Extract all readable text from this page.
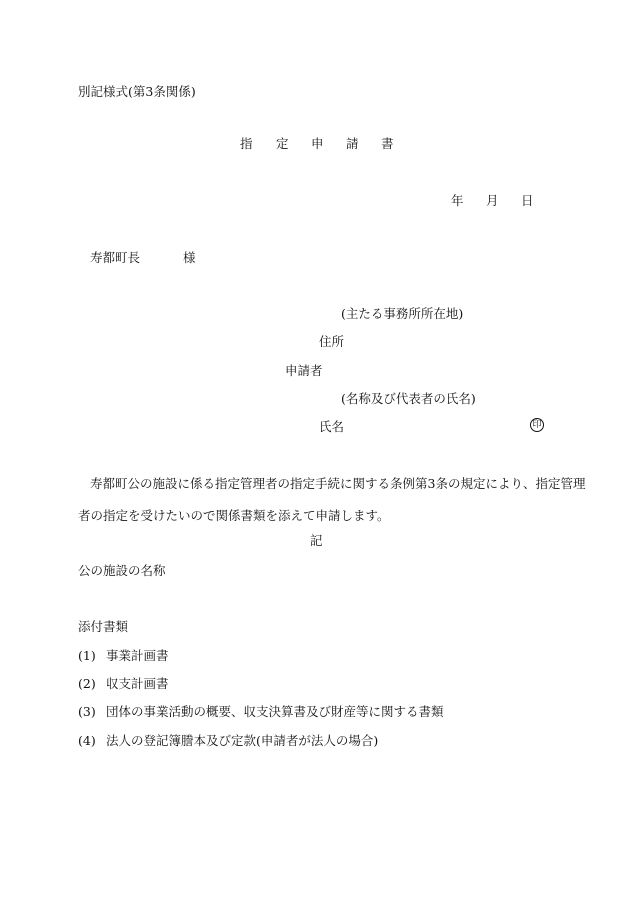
別記様式(第3条関係)
指 定 申 請 書
年 月 日
寿都町長	様
(主たる事務所所在地)
住所
申請者
(名称及び代表者の氏名)
氏名	印
寿都町公の施設に係る指定管理者の指定手続に関する条例第3条の規定により、指定管理
者の指定を受けたいので関係書類を添えて申請します。
記
公の施設の名称
添付書類
(1) 事業計画書
(2) 収支計画書
(3) 団体の事業活動の概要、収支決算書及び財産等に関する書類
(4) 法人の登記簿謄本及び定款(申請者が法人の場合)
